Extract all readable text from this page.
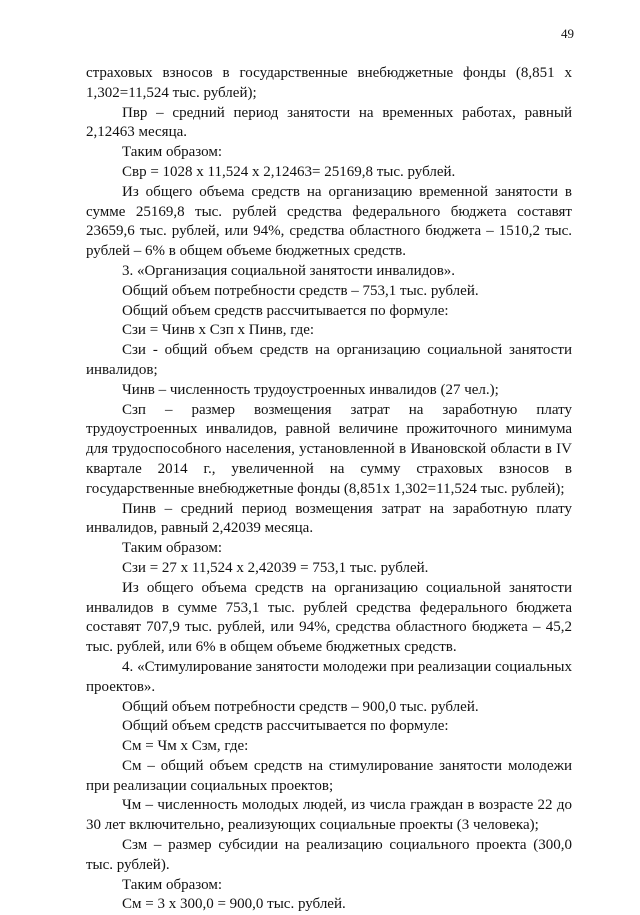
49

страховых взносов в государственные внебюджетные фонды (8,851 х 1,302=11,524 тыс. рублей);

Пвр – средний период занятости на временных работах, равный 2,12463 месяца.

Таким образом:

Свр = 1028 х 11,524 х 2,12463= 25169,8 тыс. рублей.

Из общего объема средств на организацию временной занятости в сумме 25169,8 тыс. рублей средства федерального бюджета составят 23659,6 тыс. рублей, или 94%, средства областного бюджета – 1510,2 тыс. рублей – 6% в общем объеме бюджетных средств.

3. «Организация социальной занятости инвалидов».

Общий объем потребности средств – 753,1 тыс. рублей.

Общий объем средств рассчитывается по формуле:

Сзи = Чинв х Сзп х Пинв, где:

Сзи - общий объем средств на организацию социальной занятости инвалидов;

Чинв – численность трудоустроенных инвалидов (27 чел.);

Сзп – размер возмещения затрат на заработную плату трудоустроенных инвалидов, равной величине прожиточного минимума для трудоспособного населения, установленной в Ивановской области в IV квартале 2014 г., увеличенной на сумму страховых взносов в государственные внебюджетные фонды (8,851х 1,302=11,524 тыс. рублей);

Пинв – средний период возмещения затрат на заработную плату инвалидов, равный 2,42039 месяца.

Таким образом:

Сзи = 27 х 11,524 х 2,42039 = 753,1 тыс. рублей.

Из общего объема средств на организацию социальной занятости инвалидов в сумме 753,1 тыс. рублей средства федерального бюджета составят 707,9 тыс. рублей, или 94%, средства областного бюджета – 45,2 тыс. рублей, или 6% в общем объеме бюджетных средств.

4. «Стимулирование занятости молодежи при реализации социальных проектов».

Общий объем потребности средств – 900,0 тыс. рублей.

Общий объем средств рассчитывается по формуле:

См = Чм х Сзм, где:

См – общий объем средств на стимулирование занятости молодежи при реализации социальных проектов;

Чм – численность молодых людей, из числа граждан в возрасте 22 до 30 лет включительно, реализующих социальные проекты (3 человека);

Сзм – размер субсидии на реализацию социального проекта (300,0 тыс. рублей).

Таким образом:

См = 3 х 300,0 = 900,0 тыс. рублей.
